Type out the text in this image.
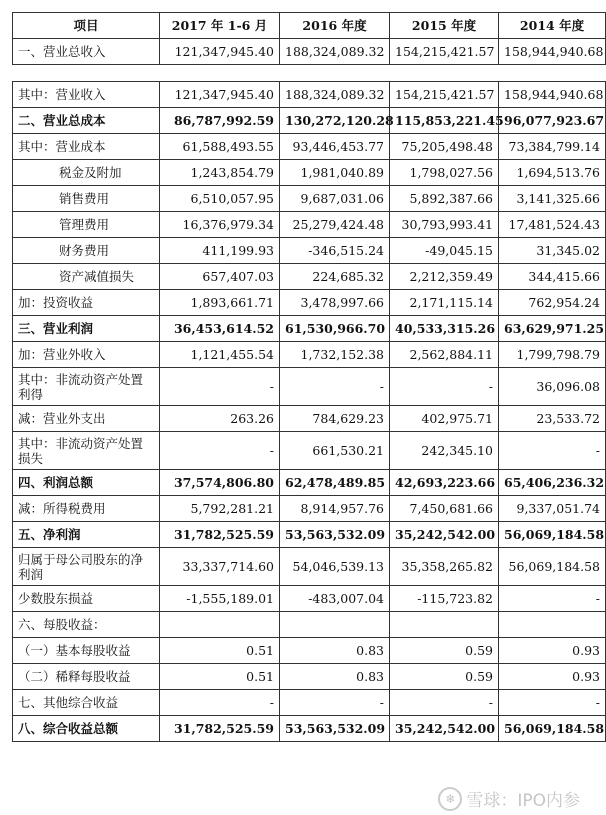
项目	2017 年 1-6 月	2016 年度	2015 年度	2014 年度
一、营业总收入	121,347,945.40	188,324,089.32	154,215,421.57	158,944,940.68
其中：营业收入	121,347,945.40	188,324,089.32	154,215,421.57	158,944,940.68
二、营业总成本	86,787,992.59	130,272,120.28	115,853,221.45	96,077,923.67
其中：营业成本	61,588,493.55	93,446,453.77	75,205,498.48	73,384,799.14
税金及附加	1,243,854.79	1,981,040.89	1,798,027.56	1,694,513.76
销售费用	6,510,057.95	9,687,031.06	5,892,387.66	3,141,325.66
管理费用	16,376,979.34	25,279,424.48	30,793,993.41	17,481,524.43
财务费用	411,199.93	-346,515.24	-49,045.15	31,345.02
资产减值损失	657,407.03	224,685.32	2,212,359.49	344,415.66
加：投资收益	1,893,661.71	3,478,997.66	2,171,115.14	762,954.24
三、营业利润	36,453,614.52	61,530,966.70	40,533,315.26	63,629,971.25
加：营业外收入	1,121,455.54	1,732,152.38	2,562,884.11	1,799,798.79
其中：非流动资产处置利得	-	-	-	36,096.08
减：营业外支出	263.26	784,629.23	402,975.71	23,533.72
其中：非流动资产处置损失	-	661,530.21	242,345.10	-
四、利润总额	37,574,806.80	62,478,489.85	42,693,223.66	65,406,236.32
减：所得税费用	5,792,281.21	8,914,957.76	7,450,681.66	9,337,051.74
五、净利润	31,782,525.59	53,563,532.09	35,242,542.00	56,069,184.58
归属于母公司股东的净利润	33,337,714.60	54,046,539.13	35,358,265.82	56,069,184.58
少数股东损益	-1,555,189.01	-483,007.04	-115,723.82	-
六、每股收益：				
（一）基本每股收益	0.51	0.83	0.59	0.93
（二）稀释每股收益	0.51	0.83	0.59	0.93
七、其他综合收益	-	-	-	-
八、综合收益总额	31,782,525.59	53,563,532.09	35,242,542.00	56,069,184.58
❄ 雪球：IPO内参
